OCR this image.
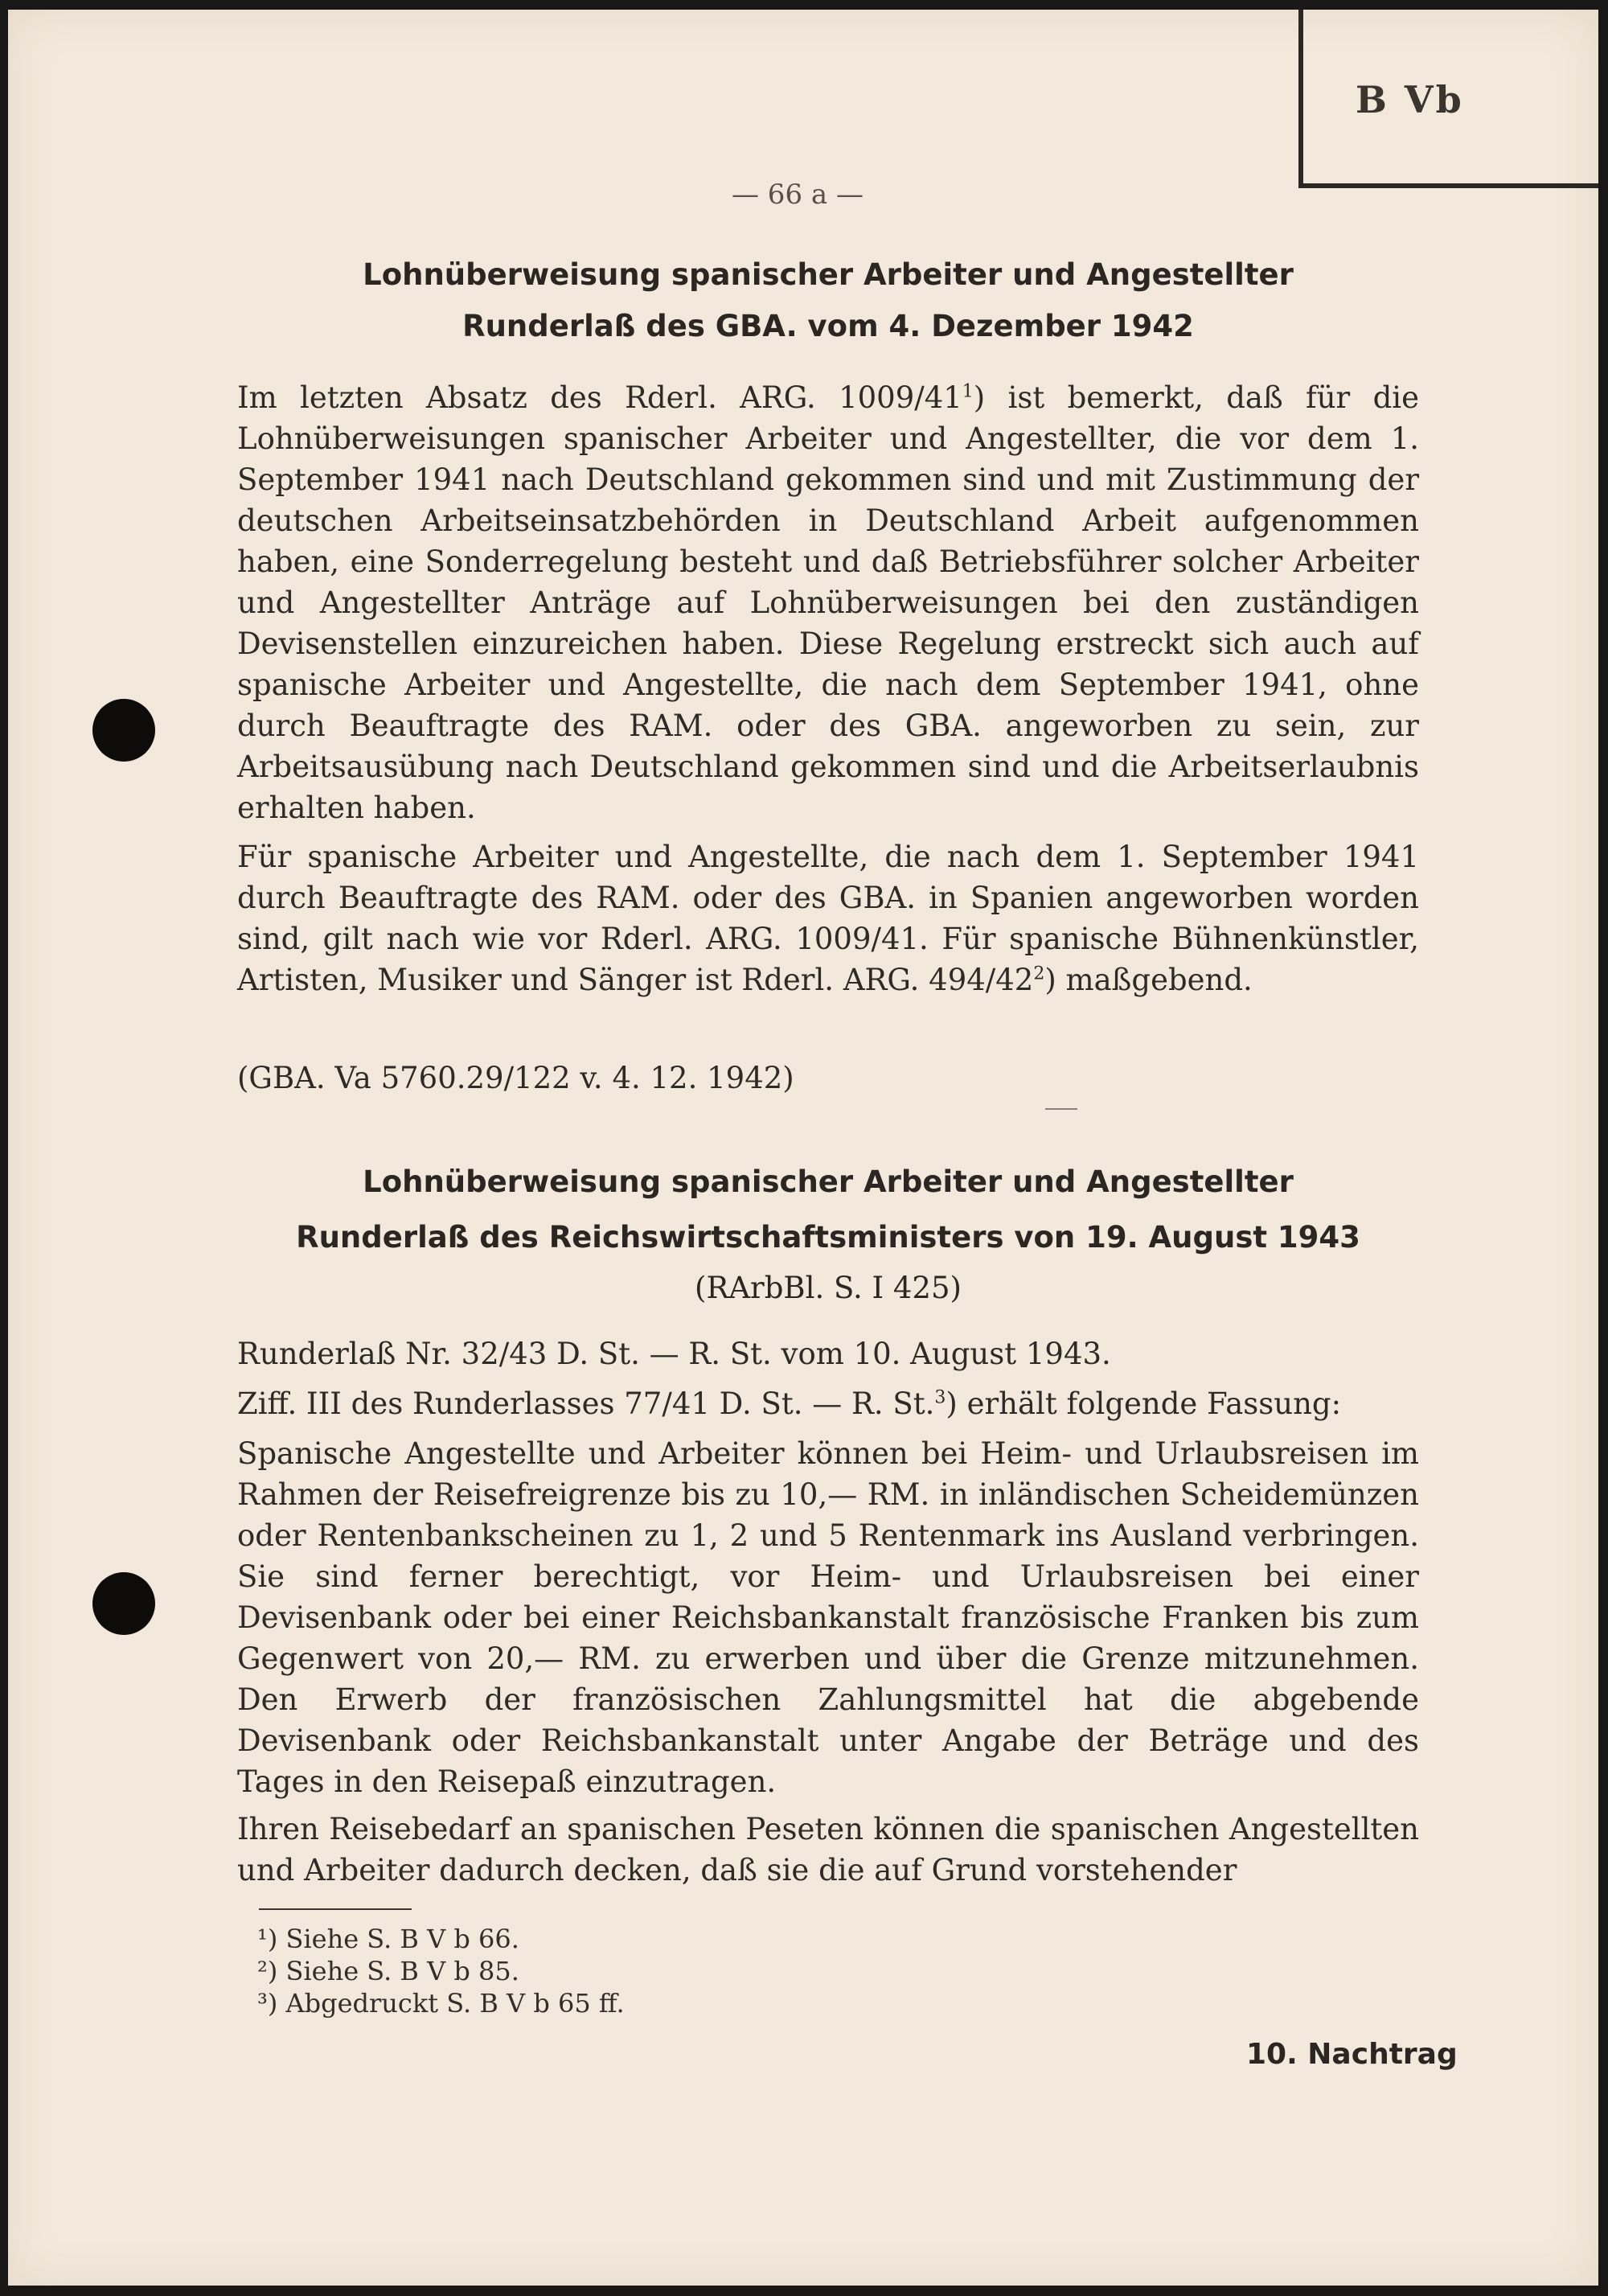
B Vb
— 66 a —
Lohnüberweisung spanischer Arbeiter und Angestellter
Runderlaß des GBA. vom 4. Dezember 1942

Im letzten Absatz des Rderl. ARG. $1009/41^1$) ist bemerkt, daß für die Lohnüberweisungen spanischer Arbeiter und Angestellter, die vor dem 1. September 1941 nach Deutschland gekommen sind und mit Zustimmung der deutschen Arbeitseinsatzbehörden in Deutschland Arbeit aufgenommen haben, eine Sonderregelung besteht und daß Betriebsführer solcher Arbeiter und Angestellter Anträge auf Lohnüberweisungen bei den zuständigen Devisenstellen einzureichen haben. Diese Regelung erstreckt sich auch auf spanische Arbeiter und Angestellte, die nach dem September 1941, ohne durch Beauftragte des RAM. oder des GBA. angeworben zu sein, zur Arbeitsausübung nach Deutschland gekommen sind und die Arbeitserlaubnis erhalten haben.

Für spanische Arbeiter und Angestellte, die nach dem 1. September 1941 durch Beauftragte des RAM. oder des GBA. in Spanien angeworben worden sind, gilt nach wie vor Rderl. ARG. 1009/41. Für spanische Bühnenkünstler, Artisten, Musiker und Sänger ist Rderl. ARG. $494/42^2$) maßgebend.

(GBA. Va 5760.29/122 v. 4. 12. 1942)
Lohnüberweisung spanischer Arbeiter und Angestellter
Runderlaß des Reichswirtschaftsministers von 19. August 1943
(RArbBl. S. I 425)
Runderlaß Nr. 32/43 D. St. — R. St. vom 10. August 1943.
Ziff. III des Runderlasses 77/41 D. St. — R. St.$^3$) erhält folgende Fassung:

Spanische Angestellte und Arbeiter können bei Heim- und Urlaubsreisen im Rahmen der Reisefreigrenze bis zu 10,— RM. in inländischen Scheidemünzen oder Rentenbankscheinen zu 1, 2 und 5 Rentenmark ins Ausland verbringen. Sie sind ferner berechtigt, vor Heim- und Urlaubsreisen bei einer Devisenbank oder bei einer Reichsbankanstalt französische Franken bis zum Gegenwert von 20,— RM. zu erwerben und über die Grenze mitzunehmen. Den Erwerb der französischen Zahlungsmittel hat die abgebende Devisenbank oder Reichsbankanstalt unter Angabe der Beträge und des Tages in den Reisepaß einzutragen.

Ihren Reisebedarf an spanischen Peseten können die spanischen Angestellten und Arbeiter dadurch decken, daß sie die auf Grund vorstehender

¹) Siehe S. B V b 66.
²) Siehe S. B V b 85.
³) Abgedruckt S. B V b 65 ff.
10. Nachtrag
